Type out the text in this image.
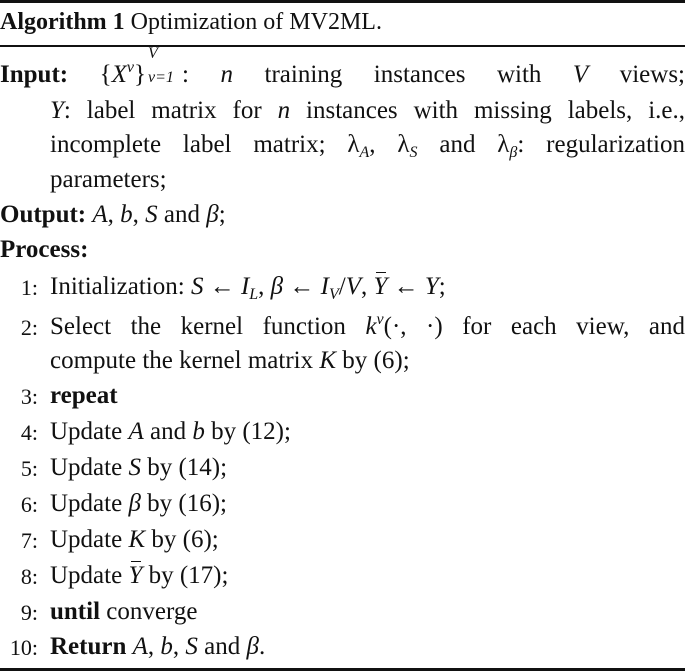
Algorithm 1 Optimization of MV2ML.
Input: $\{X^v\}$
V
v=1 : n training instances with V views;
Y: label matrix for n instances with missing labels, i.e.,
incomplete label matrix; $\lambda_A$, $\lambda_S$ and $\lambda_\beta$: regularization
parameters;
Output: A, b, S and β;
Process:
1: Initialization: S ← $I_L$, β ← $I_V/V$, Y ← Y;
2: Select the kernel function $k^v(\cdot$, ·) for each view, and
compute the kernel matrix K by (6);
3: repeat
4: Update A and b by (12);
5: Update S by (14);
6: Update β by (16);
7: Update K by (6);
8: Update Y by (17);
9: until converge
10: Return A, b, S and β.
